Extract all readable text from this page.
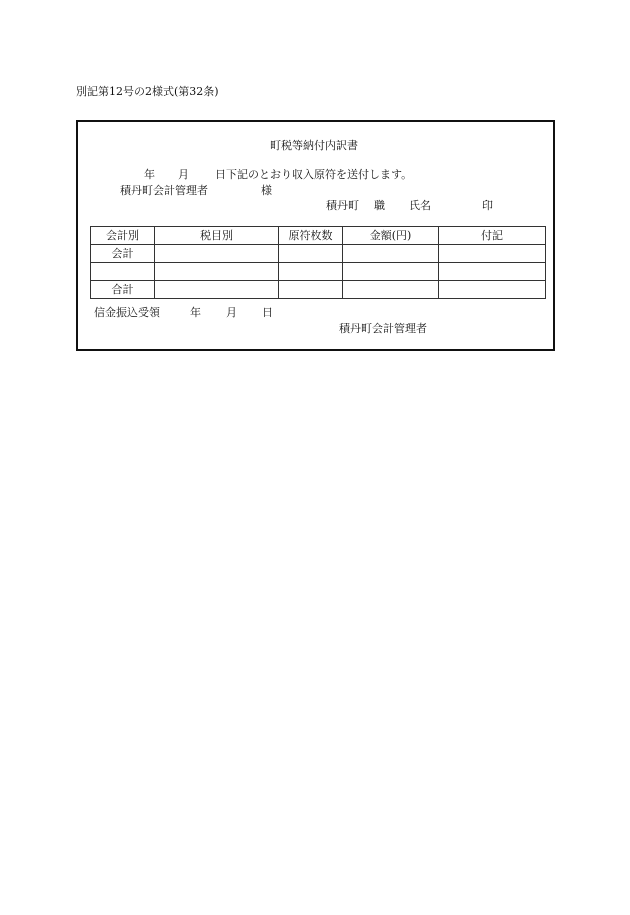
別記第12号の2様式(第32条)
町税等納付内訳書
年 月 日下記のとおり収入原符を送付します。
積丹町会計管理者	様
積丹町 職 氏名	印
会計別	税目別	原符枚数	金額(円)	付記
会計				

合計				
信金振込受領	年 月 日
積丹町会計管理者
